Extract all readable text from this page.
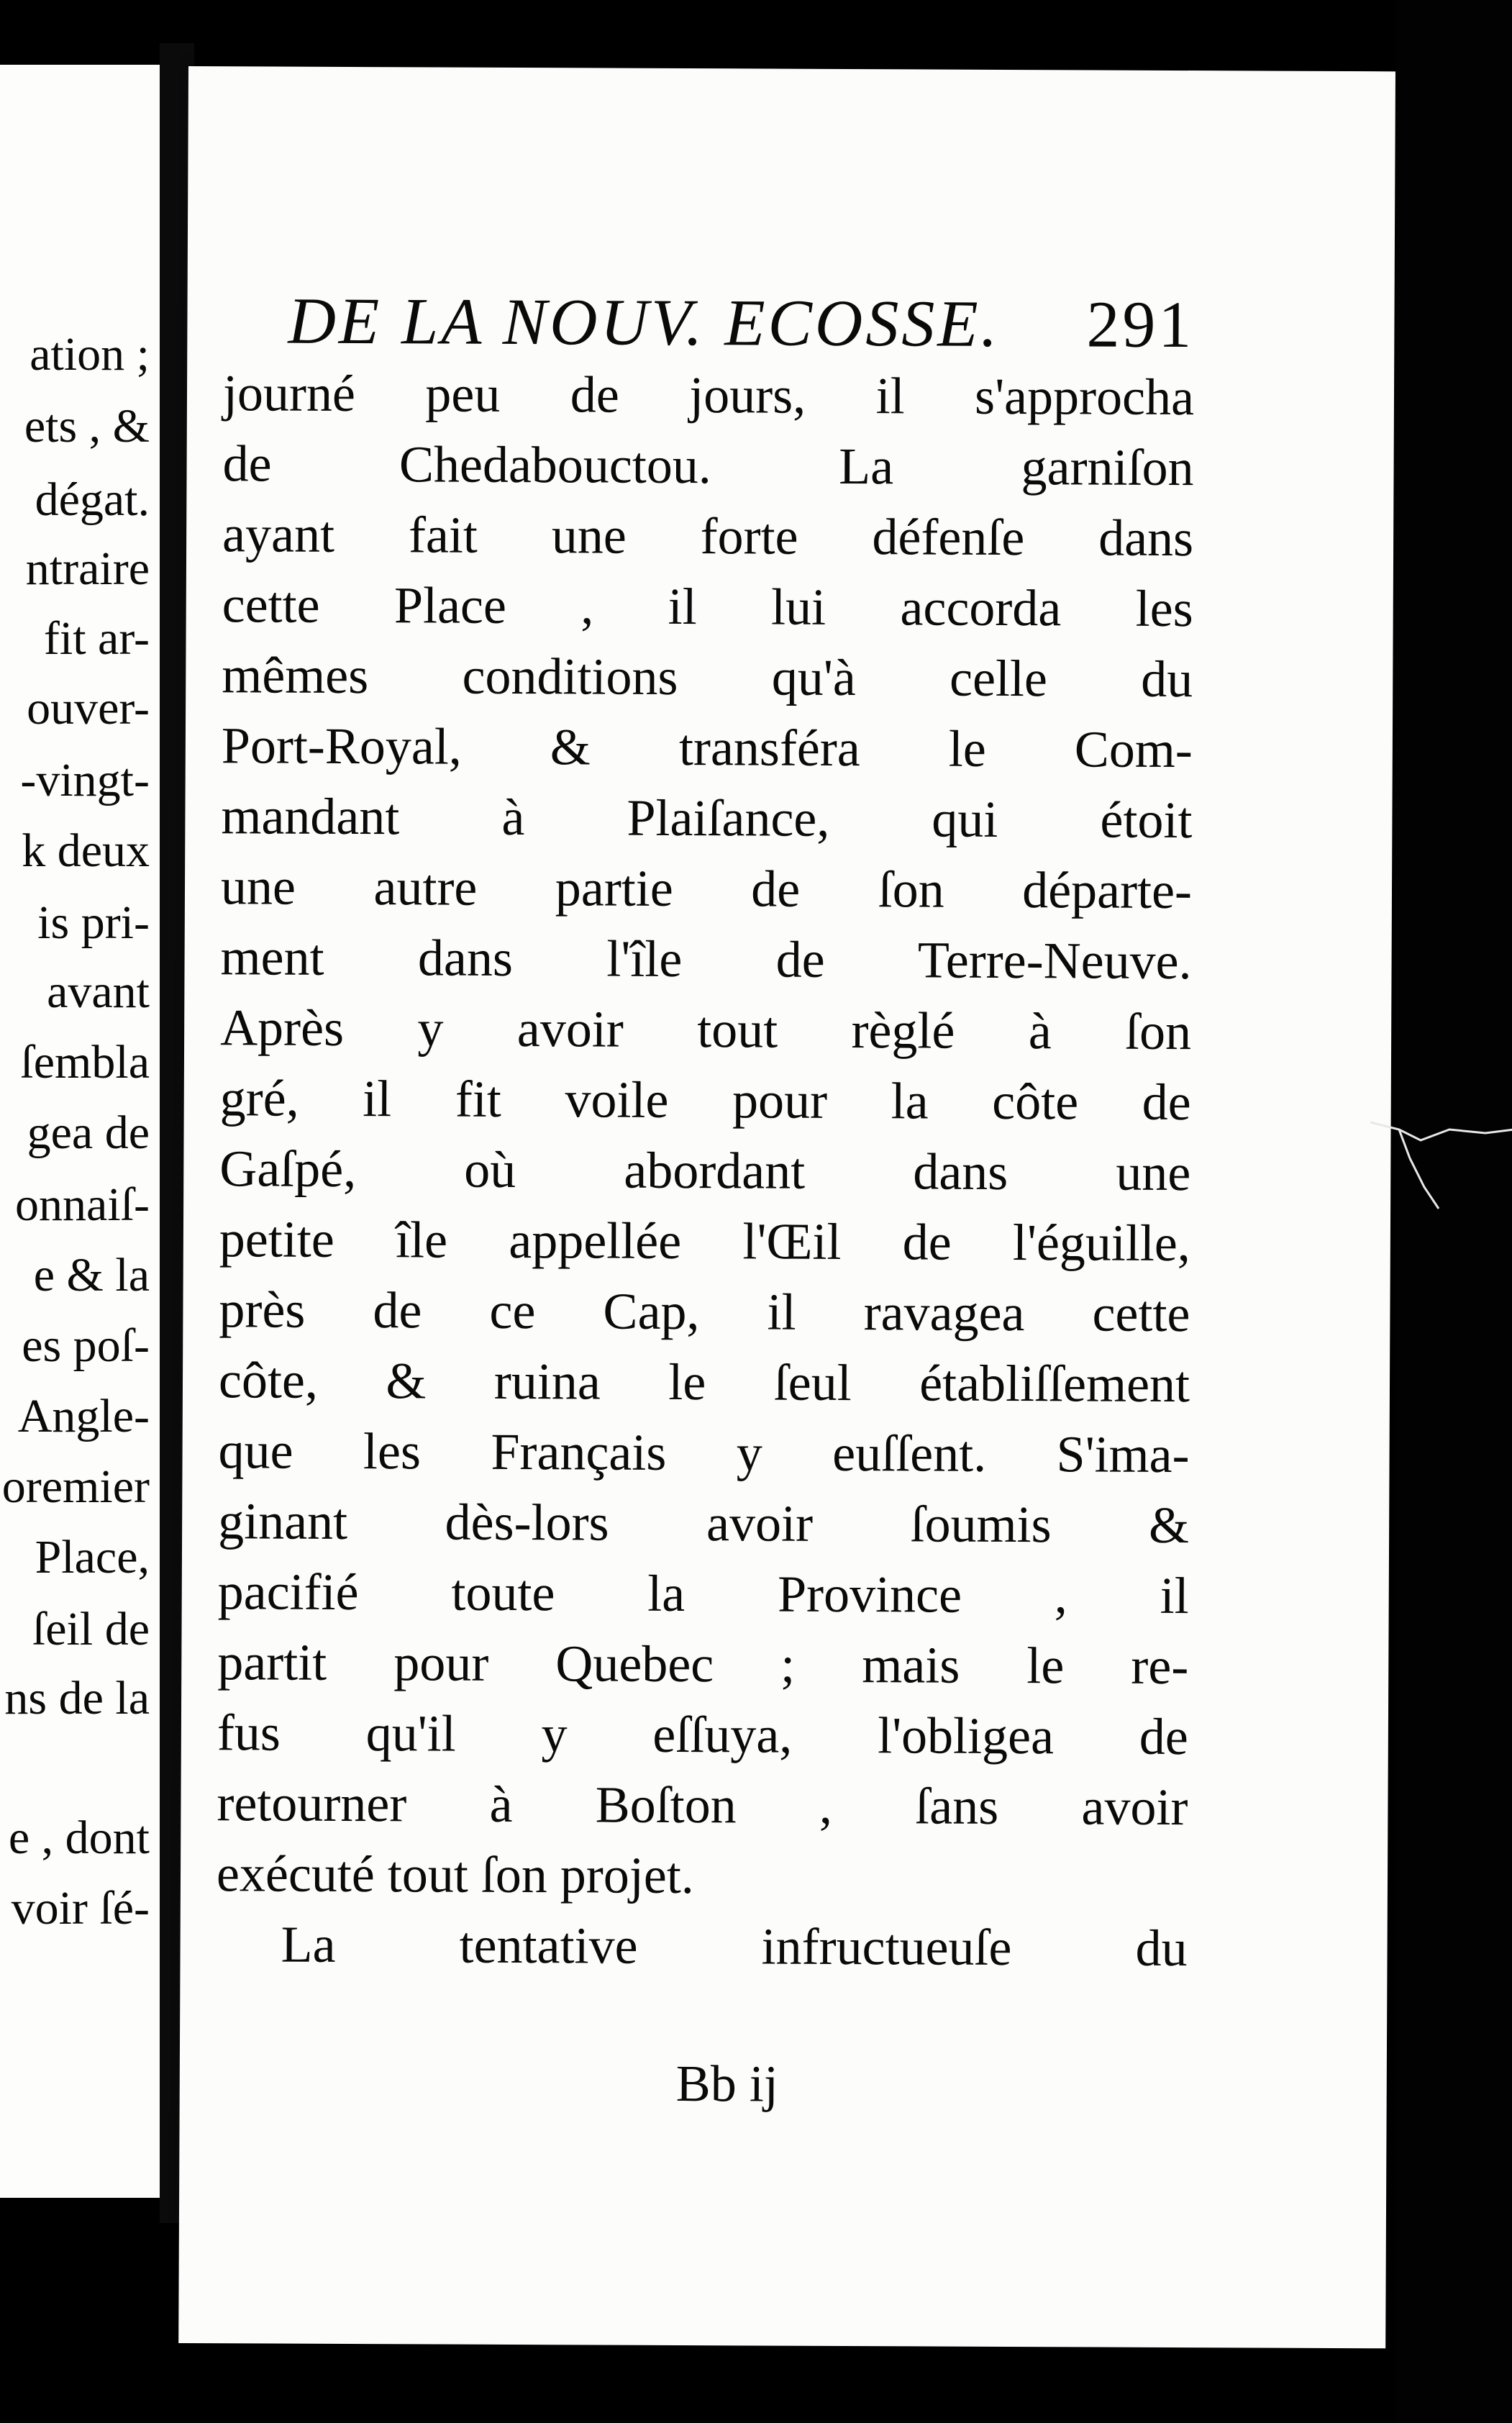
ation ;
ets , &
dégat.
ntraire
fit ar-
ouver-
-vingt-
k deux
is pri-
avant
ſembla
gea de
onnaiſ-
e & la
es poſ-
Angle-
oremier
Place,
ſeil de
ns de la
e , dont
voir ſé-
DE LA NOUV. ECOSSE. 291
journé peu de jours, il s'approcha
de Chedabouctou. La garniſon
ayant fait une forte défenſe dans
cette Place , il lui accorda les
mêmes conditions qu'à celle du
Port-Royal, & transféra le Com-
mandant à Plaiſance, qui étoit
une autre partie de ſon départe-
ment dans l'île de Terre-Neuve.
Après y avoir tout règlé à ſon
gré, il fit voile pour la côte de
Gaſpé, où abordant dans une
petite île appellée l'Œil de l'éguille,
près de ce Cap, il ravagea cette
côte, & ruina le ſeul établiſſement
que les Français y euſſent. S'ima-
ginant dès-lors avoir ſoumis &
pacifié toute la Province , il
partit pour Quebec ; mais le re-
fus qu'il y eſſuya, l'obligea de
retourner à Boſton , ſans avoir
exécuté tout ſon projet.
La tentative infructueuſe du
Bb ij
